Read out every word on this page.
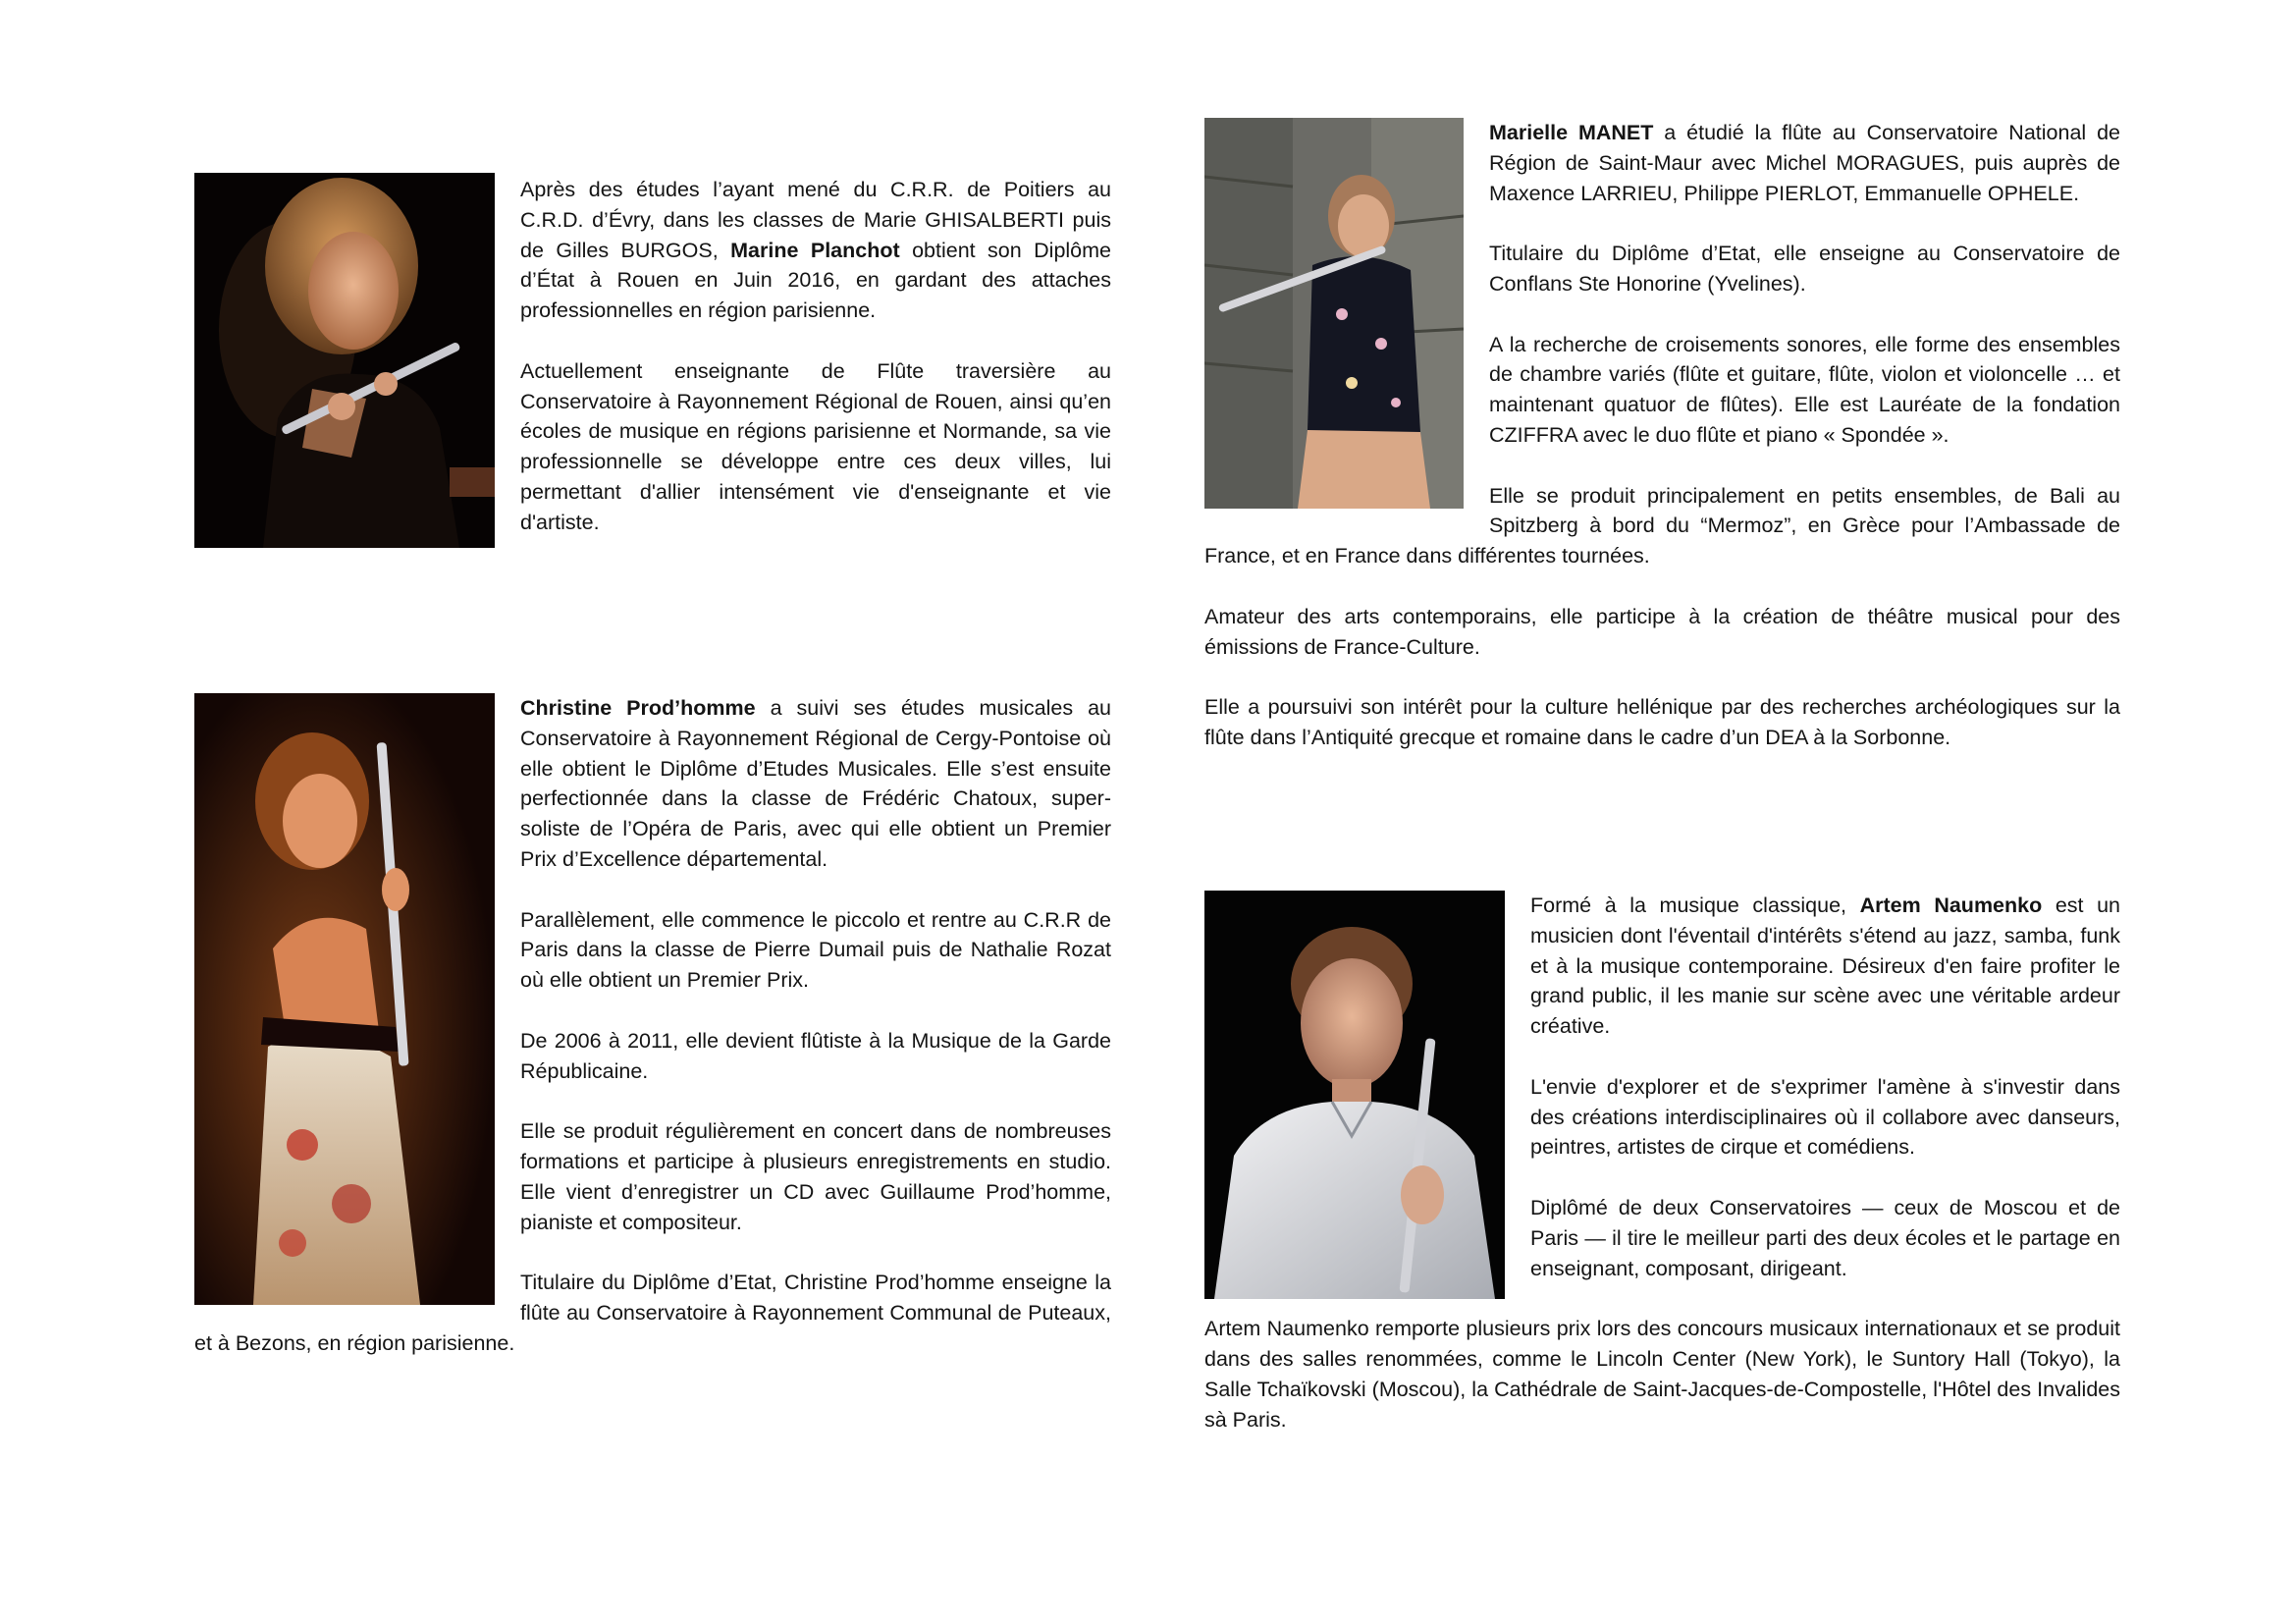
Après des études l’ayant mené du C.R.R. de Poitiers au C.R.D. d’Évry, dans les classes de Marie GHISALBERTI puis de Gilles BURGOS, Marine Planchot obtient son Diplôme d’État à Rouen en Juin 2016, en gardant des attaches professionnelles en région parisienne.

Actuellement enseignante de Flûte traversière au Conservatoire à Rayonnement Régional de Rouen, ainsi qu’en écoles de musique en régions parisienne et Normande, sa vie professionnelle se développe entre ces deux villes, lui permettant d'allier intensément vie d'enseignante et vie d'artiste.

Christine Prod’homme a suivi ses études musicales au Conservatoire à Rayonnement Régional de Cergy-Pontoise où elle obtient le Diplôme d’Etudes Musicales. Elle s’est ensuite perfectionnée dans la classe de Frédéric Chatoux, super-soliste de l’Opéra de Paris, avec qui elle obtient un Premier Prix d’Excellence départemental.

Parallèlement, elle commence le piccolo et rentre au C.R.R de Paris dans la classe de Pierre Dumail puis de Nathalie Rozat où elle obtient un Premier Prix.

De 2006 à 2011, elle devient flûtiste à la Musique de la Garde Républicaine.

Elle se produit régulièrement en concert dans de nombreuses formations et participe à plusieurs enregistrements en studio. Elle vient d’enregistrer un CD avec Guillaume Prod’homme, pianiste et compositeur.

Titulaire du Diplôme d’Etat, Christine Prod’homme enseigne la flûte au Conservatoire à Rayonnement Communal de Puteaux, et à Bezons, en région parisienne.

Marielle MANET a étudié la flûte au Conservatoire National de Région de Saint-Maur avec Michel MORAGUES, puis auprès de Maxence LARRIEU, Philippe PIERLOT, Emmanuelle OPHELE.

Titulaire du Diplôme d’Etat, elle enseigne au Conservatoire de Conflans Ste Honorine (Yvelines).

A la recherche de croisements sonores, elle forme des ensembles de chambre variés (flûte et guitare, flûte, violon et violoncelle … et maintenant quatuor de flûtes). Elle est Lauréate de la fondation CZIFFRA avec le duo flûte et piano « Spondée ».

Elle se produit principalement en petits ensembles, de Bali au Spitzberg à bord du “Mermoz”, en Grèce pour l’Ambassade de France, et en France dans différentes tournées.

Amateur des arts contemporains, elle participe à la création de théâtre musical pour des émissions de France-Culture.

Elle a poursuivi son intérêt pour la culture hellénique par des recherches archéologiques sur la flûte dans l’Antiquité grecque et romaine dans le cadre d’un DEA à la Sorbonne.

Formé à la musique classique, Artem Naumenko est un musicien dont l'éventail d'intérêts s'étend au jazz, samba, funk et à la musique contemporaine. Désireux d'en faire profiter le grand public, il les manie sur scène avec une véritable ardeur créative.

L'envie d'explorer et de s'exprimer l'amène à s'investir dans des créations interdisciplinaires où il collabore avec danseurs, peintres, artistes de cirque et comédiens.

Diplômé de deux Conservatoires — ceux de Moscou et de Paris — il tire le meilleur parti des deux écoles et le partage en enseignant, composant, dirigeant.

Artem Naumenko remporte plusieurs prix lors des concours musicaux internationaux et se produit dans des salles renommées, comme le Lincoln Center (New York), le Suntory Hall (Tokyo), la Salle Tchaïkovski (Moscou), la Cathédrale de Saint-Jacques-de-Compostelle, l'Hôtel des Invalides sà Paris.
